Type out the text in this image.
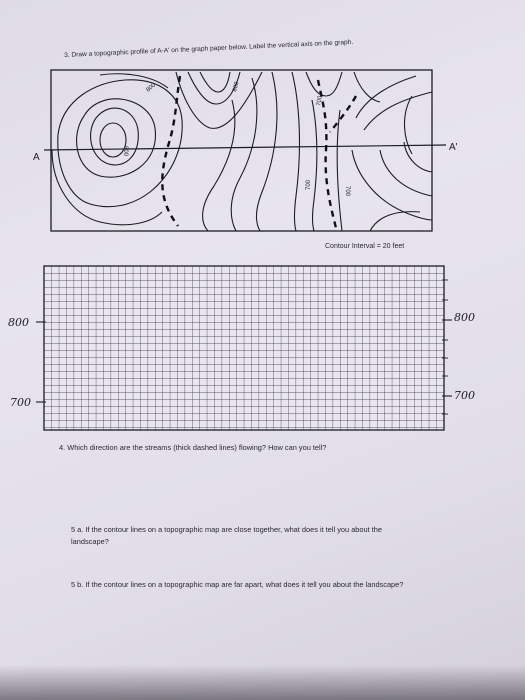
3. Draw a topographic profile of A-A' on the graph paper below. Label the vertical axis on the graph.
800	800
800
700
700
700
A
A'
Contour Interval = 20 feet
800
700
800
700
4. Which direction are the streams (thick dashed lines) flowing? How can you tell?
5 a. If the contour lines on a topographic map are close together, what does it tell you about the
landscape?
5 b. If the contour lines on a topographic map are far apart, what does it tell you about the landscape?
